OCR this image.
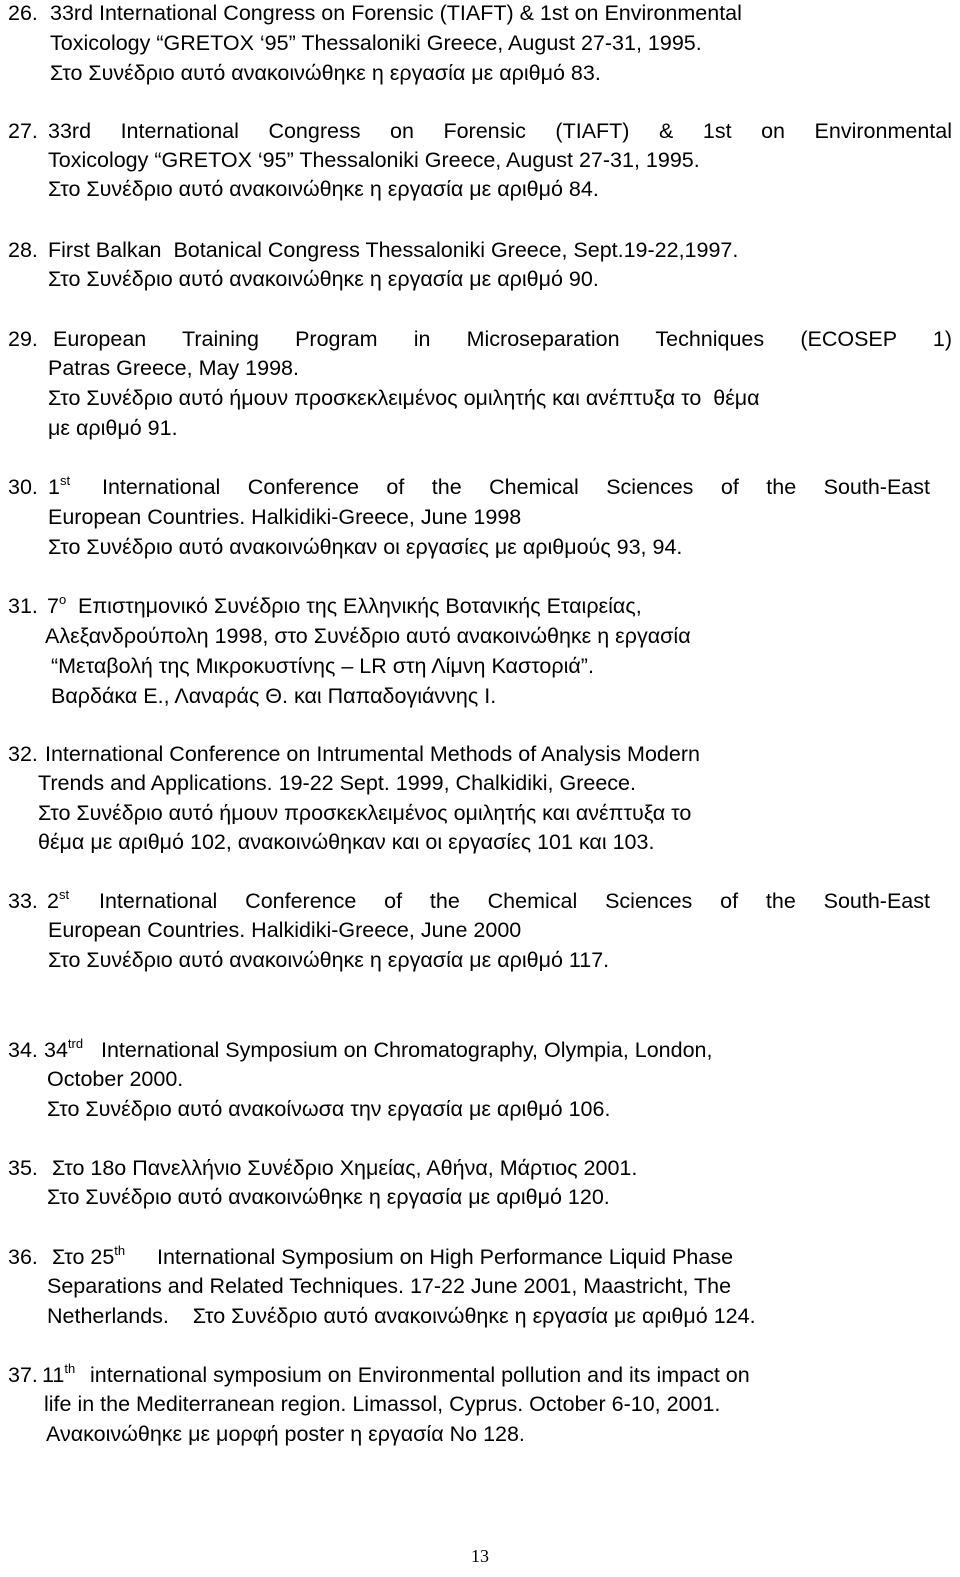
26. 33rd International Congress on Forensic (TIAFT) & 1st on Environmental
Toxicology “GRETOX ‘95” Thessaloniki Greece, August 27-31, 1995.
Στο Συνέδριο αυτό ανακοινώθηκε η εργασία με αριθμό 83.
27. 33rd International Congress on Forensic (TIAFT) & 1st on Environmental
Toxicology “GRETOX ‘95” Thessaloniki Greece, August 27-31, 1995.
Στο Συνέδριο αυτό ανακοινώθηκε η εργασία με αριθμό 84.
28. First Balkan  Botanical Congress Thessaloniki Greece, Sept.19-22,1997.
Στο Συνέδριο αυτό ανακοινώθηκε η εργασία με αριθμό 90.
29. European Training Program in Microseparation Techniques (ECOSEP 1)
Patras Greece, May 1998.
Στο Συνέδριο αυτό ήμουν προσκεκλειμένος ομιλητής και ανέπτυξα το  θέμα
με αριθμό 91.
30. 1st International Conference of the Chemical Sciences of the South-East
European Countries. Halkidiki-Greece, June 1998
Στο Συνέδριο αυτό ανακοινώθηκαν οι εργασίες με αριθμούς 93, 94.
31. 7$^o$ Επιστημονικό Συνέδριο της Ελληνικής Βοτανικής Εταιρείας,
Αλεξανδρούπολη 1998, στο Συνέδριο αυτό ανακοινώθηκε η εργασία
“Μεταβολή της Μικροκυστίνης – LR στη Λίμνη Καστοριά”.
Βαρδάκα Ε., Λαναράς Θ. και Παπαδογιάννης Ι.
32. International Conference on Intrumental Methods of Analysis Modern
Trends and Applications. 19-22 Sept. 1999, Chalkidiki, Greece.
Στο Συνέδριο αυτό ήμουν προσκεκλειμένος ομιλητής και ανέπτυξα το
θέμα με αριθμό 102, ανακοινώθηκαν και οι εργασίες 101 και 103.
33. 2st International Conference of the Chemical Sciences of the South-East
European Countries. Halkidiki-Greece, June 2000
Στο Συνέδριο αυτό ανακοινώθηκε η εργασία με αριθμό 117.
34. $34^{trd}$ International Symposium on Chromatography, Olympia, London,
October 2000.
Στο Συνέδριο αυτό ανακοίνωσα την εργασία με αριθμό 106.
35. Στο 18o Πανελλήνιο Συνέδριο Χημείας, Αθήνα, Μάρτιος 2001.
Στο Συνέδριο αυτό ανακοινώθηκε η εργασία με αριθμό 120.
36. Στο 25th International Symposium on High Performance Liquid Phase
Separations and Related Techniques. 17-22 June 2001, Maastricht, The
Netherlands.    Στο Συνέδριο αυτό ανακοινώθηκε η εργασία με αριθμό 124.
37. 11th international symposium on Environmental pollution and its impact on
life in the Mediterranean region. Limassol, Cyprus. October 6-10, 2001.
Ανακοινώθηκε με μορφή poster η εργασία No 128.
13
